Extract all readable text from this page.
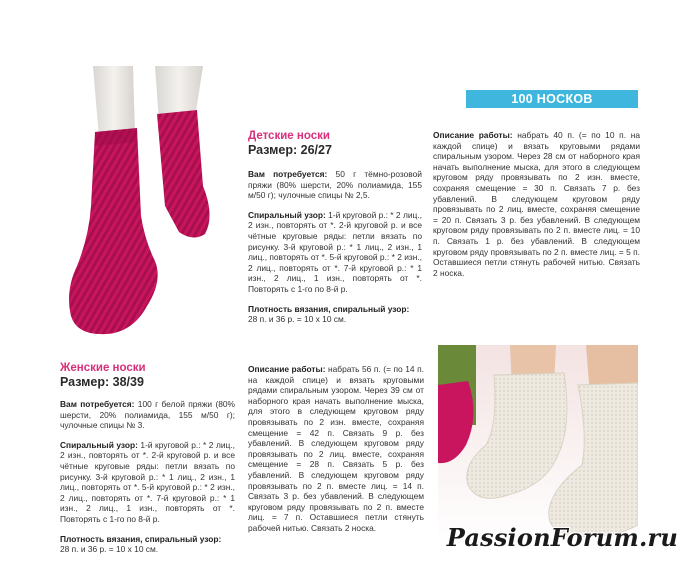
100 НОСКОВ
Детские носки
Размер: 26/27
Вам потребуется: 50 г тёмно-розовой пряжи (80% шерсти, 20% полиамида, 155 м/50 г); чулочные спицы № 2,5.
Спиральный узор: 1-й круговой р.: * 2 лиц., 2 изн., повторять от *. 2-й круговой р. и все чётные круговые ряды: петли вязать по рисунку. 3-й круговой р.: * 1 лиц., 2 изн., 1 лиц., повторять от *. 5-й круговой р.: * 2 изн., 2 лиц., повторять от *. 7-й круговой р.: * 1 изн., 2 лиц., 1 изн., повторять от *. Повторять с 1-го по 8-й р.
Плотность вязания, спиральный узор:
28 п. и 36 р. = 10 х 10 см.
Описание работы: набрать 40 п. (= по 10 п. на каждой спице) и вязать круговыми рядами спиральным узором. Через 28 см от наборного края начать выполнение мыска, для этого в следующем круговом ряду провязывать по 2 изн. вместе, сохраняя смещение = 30 п. Связать 7 р. без убавлений. В следующем круговом ряду провязывать по 2 лиц. вместе, сохраняя смещение = 20 п. Связать 3 р. без убавлений. В следующем круговом ряду провязывать по 2 п. вместе лиц. = 10 п. Связать 1 р. без убавлений. В следующем круговом ряду провязывать по 2 п. вместе лиц. = 5 п. Оставшиеся петли стянуть рабочей нитью. Связать 2 носка.
Женские носки
Размер: 38/39
Вам потребуется: 100 г белой пряжи (80% шерсти, 20% полиамида, 155 м/50 г); чулочные спицы № 3.
Спиральный узор: 1-й круговой р.: * 2 лиц., 2 изн., повторять от *. 2-й круговой р. и все чётные круговые ряды: петли вязать по рисунку. 3-й круговой р.: * 1 лиц., 2 изн., 1 лиц., повторять от *. 5-й круговой р.: * 2 изн., 2 лиц., повторять от *. 7-й круговой р.: * 1 изн., 2 лиц., 1 изн., повторять от *. Повторять с 1-го по 8-й р.
Плотность вязания, спиральный узор:
28 п. и 36 р. = 10 х 10 см.
Описание работы: набрать 56 п. (= по 14 п. на каждой спице) и вязать круговыми рядами спиральным узором. Через 39 см от наборного края начать выполнение мыска, для этого в следующем круговом ряду провязывать по 2 изн. вместе, сохраняя смещение = 42 п. Связать 9 р. без убавлений. В следующем круговом ряду провязывать по 2 лиц. вместе, сохраняя смещение = 28 п. Связать 5 р. без убавлений. В следующем круговом ряду провязывать по 2 п. вместе лиц. = 14 п. Связать 3 р. без убавлений. В следующем круговом ряду провязывать по 2 п. вместе лиц. = 7 п. Оставшиеся петли стянуть рабочей нитью. Связать 2 носка.	PassionForum.ru
